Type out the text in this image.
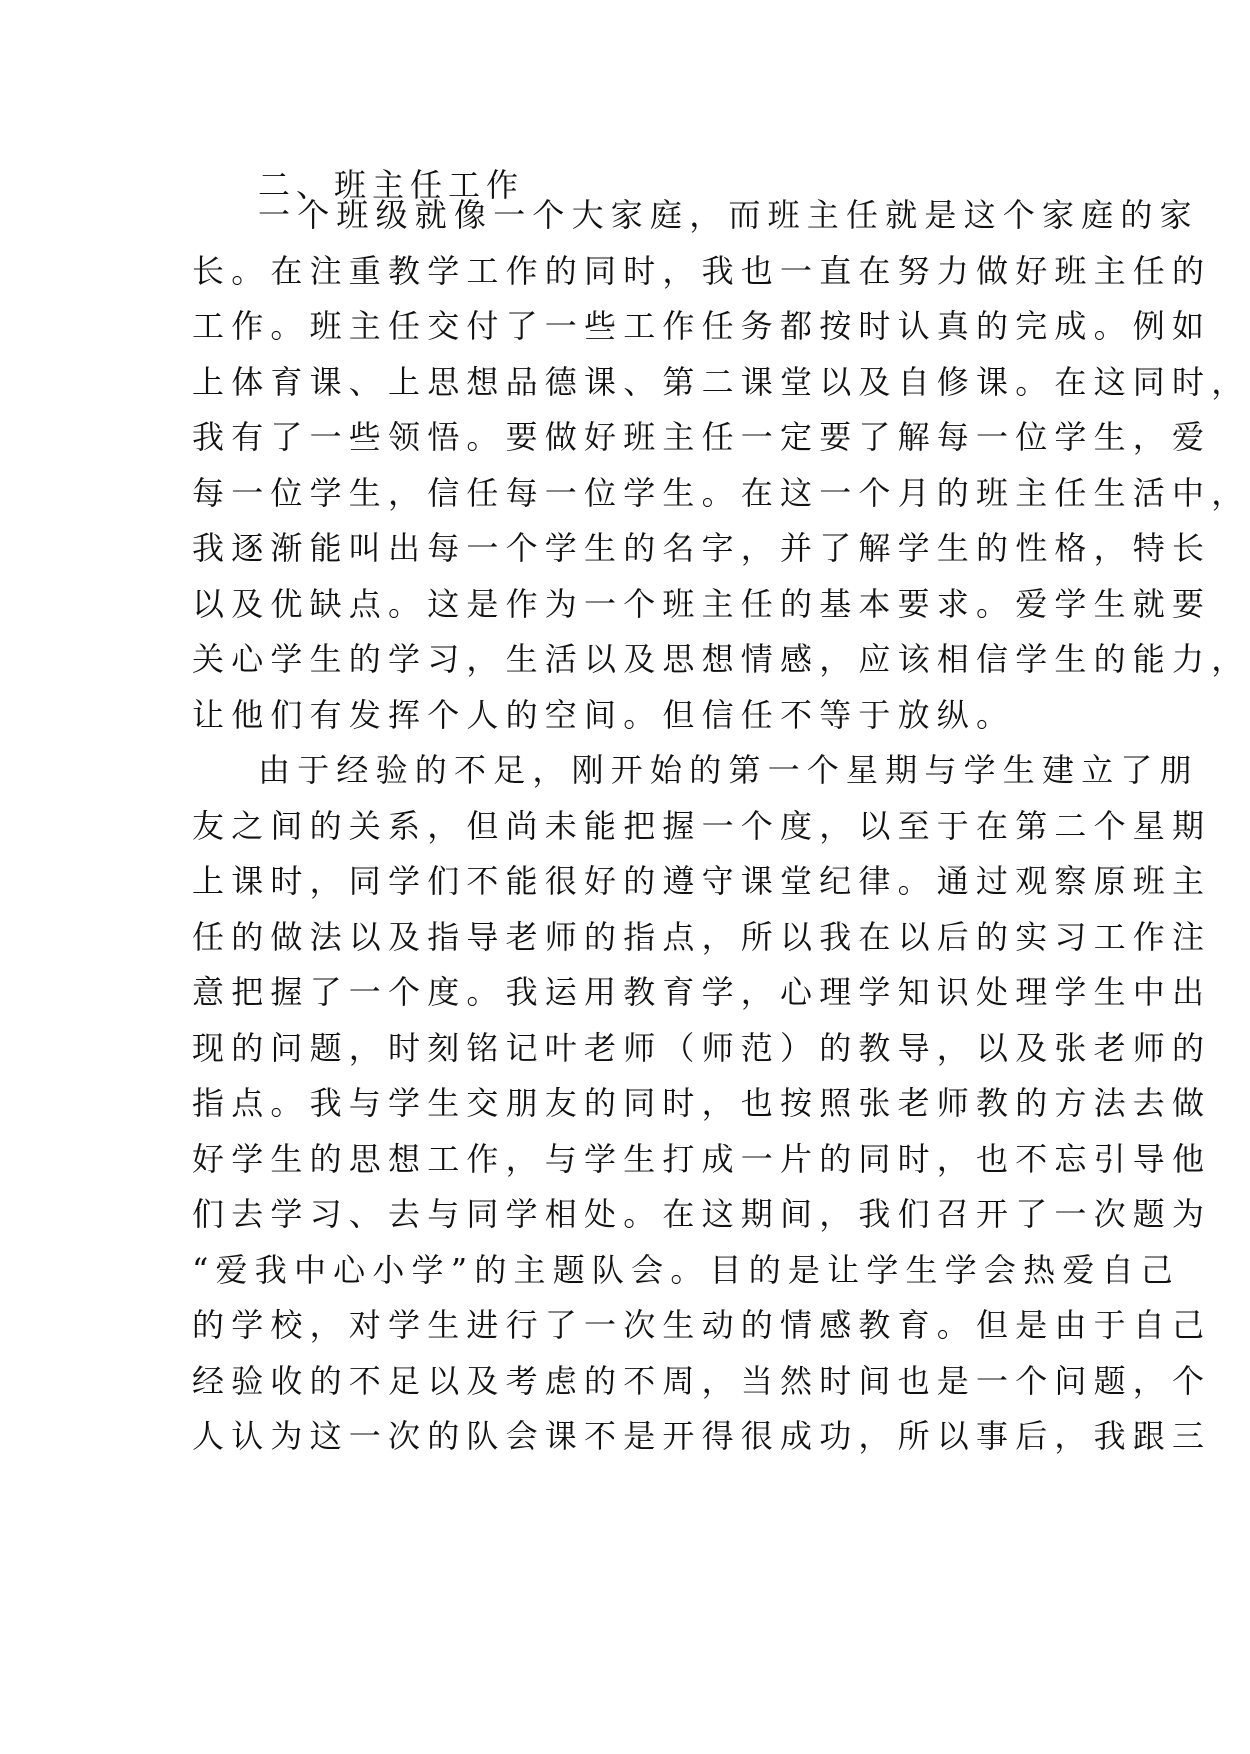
二、班主任工作
一个班级就像一个大家庭，而班主任就是这个家庭的家
长。在注重教学工作的同时，我也一直在努力做好班主任的
工作。班主任交付了一些工作任务都按时认真的完成。例如
上体育课、上思想品德课、第二课堂以及自修课。在这同时，
我有了一些领悟。要做好班主任一定要了解每一位学生，爱
每一位学生，信任每一位学生。在这一个月的班主任生活中，
我逐渐能叫出每一个学生的名字，并了解学生的性格，特长
以及优缺点。这是作为一个班主任的基本要求。爱学生就要
关心学生的学习，生活以及思想情感，应该相信学生的能力，
让他们有发挥个人的空间。但信任不等于放纵。
由于经验的不足，刚开始的第一个星期与学生建立了朋
友之间的关系，但尚未能把握一个度，以至于在第二个星期
上课时，同学们不能很好的遵守课堂纪律。通过观察原班主
任的做法以及指导老师的指点，所以我在以后的实习工作注
意把握了一个度。我运用教育学，心理学知识处理学生中出
现的问题，时刻铭记叶老师（师范）的教导，以及张老师的
指点。我与学生交朋友的同时，也按照张老师教的方法去做
好学生的思想工作，与学生打成一片的同时，也不忘引导他
们去学习、去与同学相处。在这期间，我们召开了一次题为
“爱我中心小学”的主题队会。目的是让学生学会热爱自己
的学校，对学生进行了一次生动的情感教育。但是由于自己
经验收的不足以及考虑的不周，当然时间也是一个问题，个
人认为这一次的队会课不是开得很成功，所以事后，我跟三
